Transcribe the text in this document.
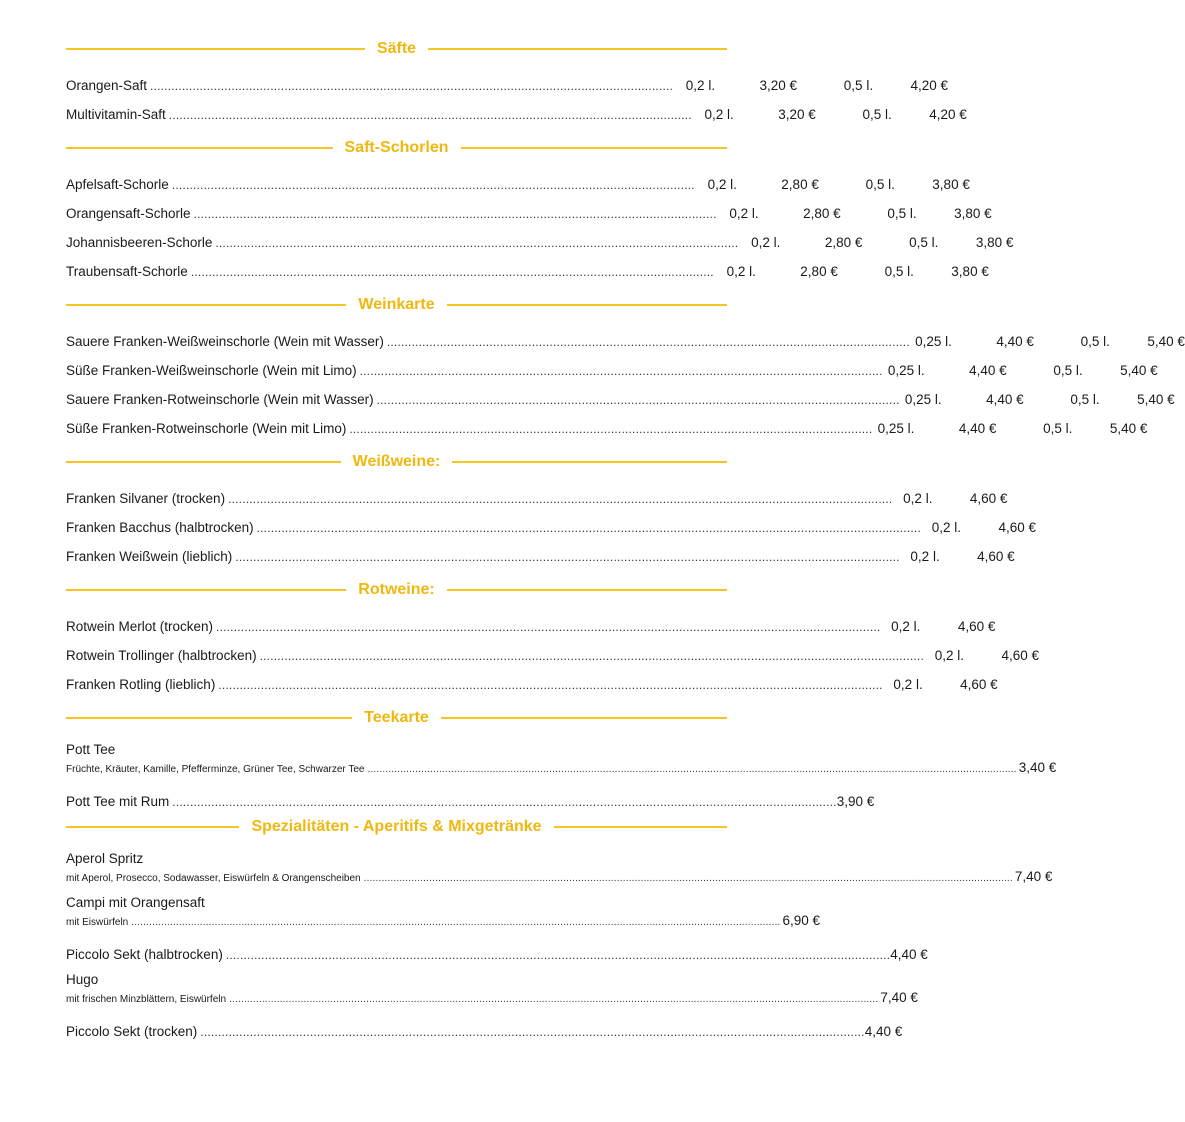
Säfte
Orangen-Saft .................................................................................................................................................... 0,2 l.	3,20 €	0,5 l.	4,20 €
Multivitamin-Saft .................................................................................................................................................... 0,2 l.	3,20 €	0,5 l.	4,20 €
Saft-Schorlen
Apfelsaft-Schorle .................................................................................................................................................... 0,2 l.	2,80 €	0,5 l.	3,80 €
Orangensaft-Schorle .................................................................................................................................................... 0,2 l.	2,80 €	0,5 l.	3,80 €
Johannisbeeren-Schorle .................................................................................................................................................... 0,2 l.	2,80 €	0,5 l.	3,80 €
Traubensaft-Schorle .................................................................................................................................................... 0,2 l.	2,80 €	0,5 l.	3,80 €
Weinkarte
Sauere Franken-Weißweinschorle (Wein mit Wasser) .................................................................................................................................................... 0,25 l.	4,40 €	0,5 l.	5,40 €
Süße Franken-Weißweinschorle (Wein mit Limo) .................................................................................................................................................... 0,25 l.	4,40 €	0,5 l.	5,40 €
Sauere Franken-Rotweinschorle (Wein mit Wasser) .................................................................................................................................................... 0,25 l.	4,40 €	0,5 l.	5,40 €
Süße Franken-Rotweinschorle (Wein mit Limo) .................................................................................................................................................... 0,25 l.	4,40 €	0,5 l.	5,40 €
Weißweine:
Franken Silvaner (trocken) ............................................................................................................................................................................................ 0,2 l.	4,60 €
Franken Bacchus (halbtrocken) ............................................................................................................................................................................................ 0,2 l.	4,60 €
Franken Weißwein (lieblich) ............................................................................................................................................................................................ 0,2 l.	4,60 €
Rotweine:
Rotwein Merlot (trocken) ............................................................................................................................................................................................ 0,2 l.	4,60 €
Rotwein Trollinger (halbtrocken) ............................................................................................................................................................................................ 0,2 l.	4,60 €
Franken Rotling (lieblich) ............................................................................................................................................................................................ 0,2 l.	4,60 €
Teekarte
Pott Tee
Früchte, Kräuter, Kamille, Pfefferminze, Grüner Tee, Schwarzer Tee .......................................................................................................................................................................................................................... 3,40 €
Pott Tee mit Rum ............................................................................................................................................................................................ 3,90 €
Spezialitäten - Aperitifs & Mixgetränke
Aperol Spritz
mit Aperol, Prosecco, Sodawasser, Eiswürfeln & Orangenscheiben .......................................................................................................................................................................................................................... 7,40 €
Campi mit Orangensaft
mit Eiswürfeln .......................................................................................................................................................................................................................... 6,90 €
Piccolo Sekt (halbtrocken) ............................................................................................................................................................................................ 4,40 €
Hugo
mit frischen Minzblättern, Eiswürfeln .......................................................................................................................................................................................................................... 7,40 €
Piccolo Sekt (trocken) ............................................................................................................................................................................................ 4,40 €
